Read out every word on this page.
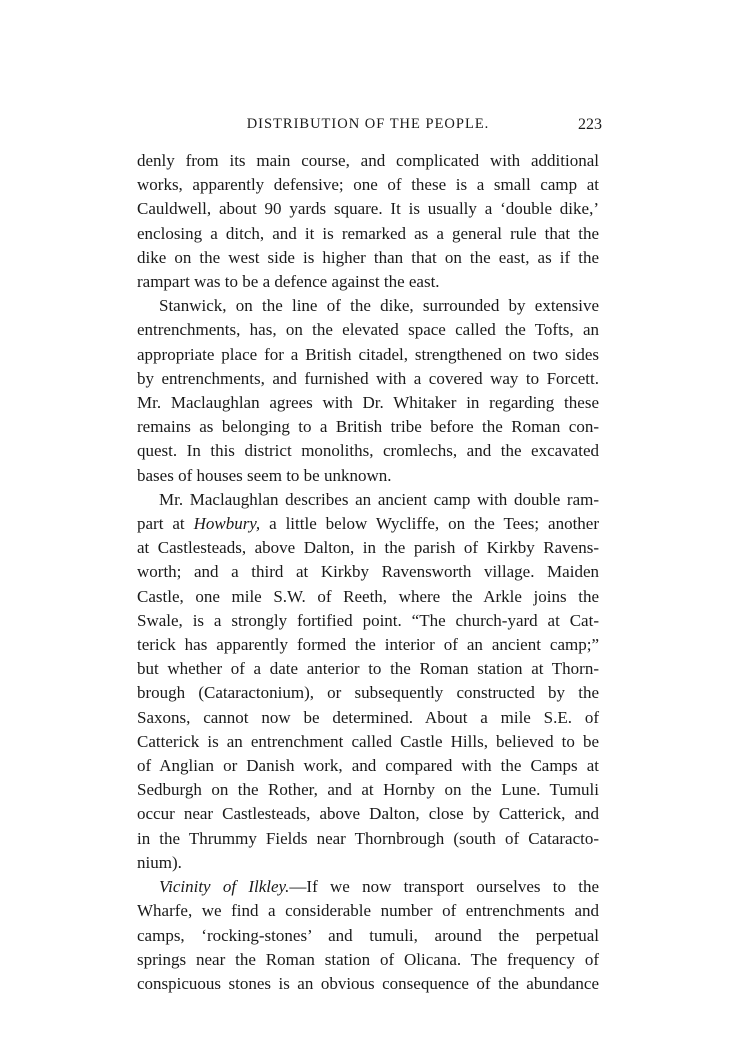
DISTRIBUTION OF THE PEOPLE.	223

denly from its main course, and complicated with additional
works, apparently defensive; one of these is a small camp at
Cauldwell, about 90 yards square. It is usually a ‘double dike,’
enclosing a ditch, and it is remarked as a general rule that the
dike on the west side is higher than that on the east, as if the
rampart was to be a defence against the east.

Stanwick, on the line of the dike, surrounded by extensive
entrenchments, has, on the elevated space called the Tofts, an
appropriate place for a British citadel, strengthened on two sides
by entrenchments, and furnished with a covered way to Forcett.
Mr. Maclaughlan agrees with Dr. Whitaker in regarding these
remains as belonging to a British tribe before the Roman con-
quest. In this district monoliths, cromlechs, and the excavated
bases of houses seem to be unknown.

Mr. Maclaughlan describes an ancient camp with double ram-
part at Howbury, a little below Wycliffe, on the Tees; another
at Castlesteads, above Dalton, in the parish of Kirkby Ravens-
worth; and a third at Kirkby Ravensworth village. Maiden
Castle, one mile S.W. of Reeth, where the Arkle joins the
Swale, is a strongly fortified point. “The church-yard at Cat-
terick has apparently formed the interior of an ancient camp;”
but whether of a date anterior to the Roman station at Thorn-
brough (Cataractonium), or subsequently constructed by the
Saxons, cannot now be determined. About a mile S.E. of
Catterick is an entrenchment called Castle Hills, believed to be
of Anglian or Danish work, and compared with the Camps at
Sedburgh on the Rother, and at Hornby on the Lune. Tumuli
occur near Castlesteads, above Dalton, close by Catterick, and
in the Thrummy Fields near Thornbrough (south of Cataracto-
nium).

Vicinity of Ilkley.—If we now transport ourselves to the
Wharfe, we find a considerable number of entrenchments and
camps, ‘rocking-stones’ and tumuli, around the perpetual
springs near the Roman station of Olicana. The frequency of
conspicuous stones is an obvious consequence of the abundance
